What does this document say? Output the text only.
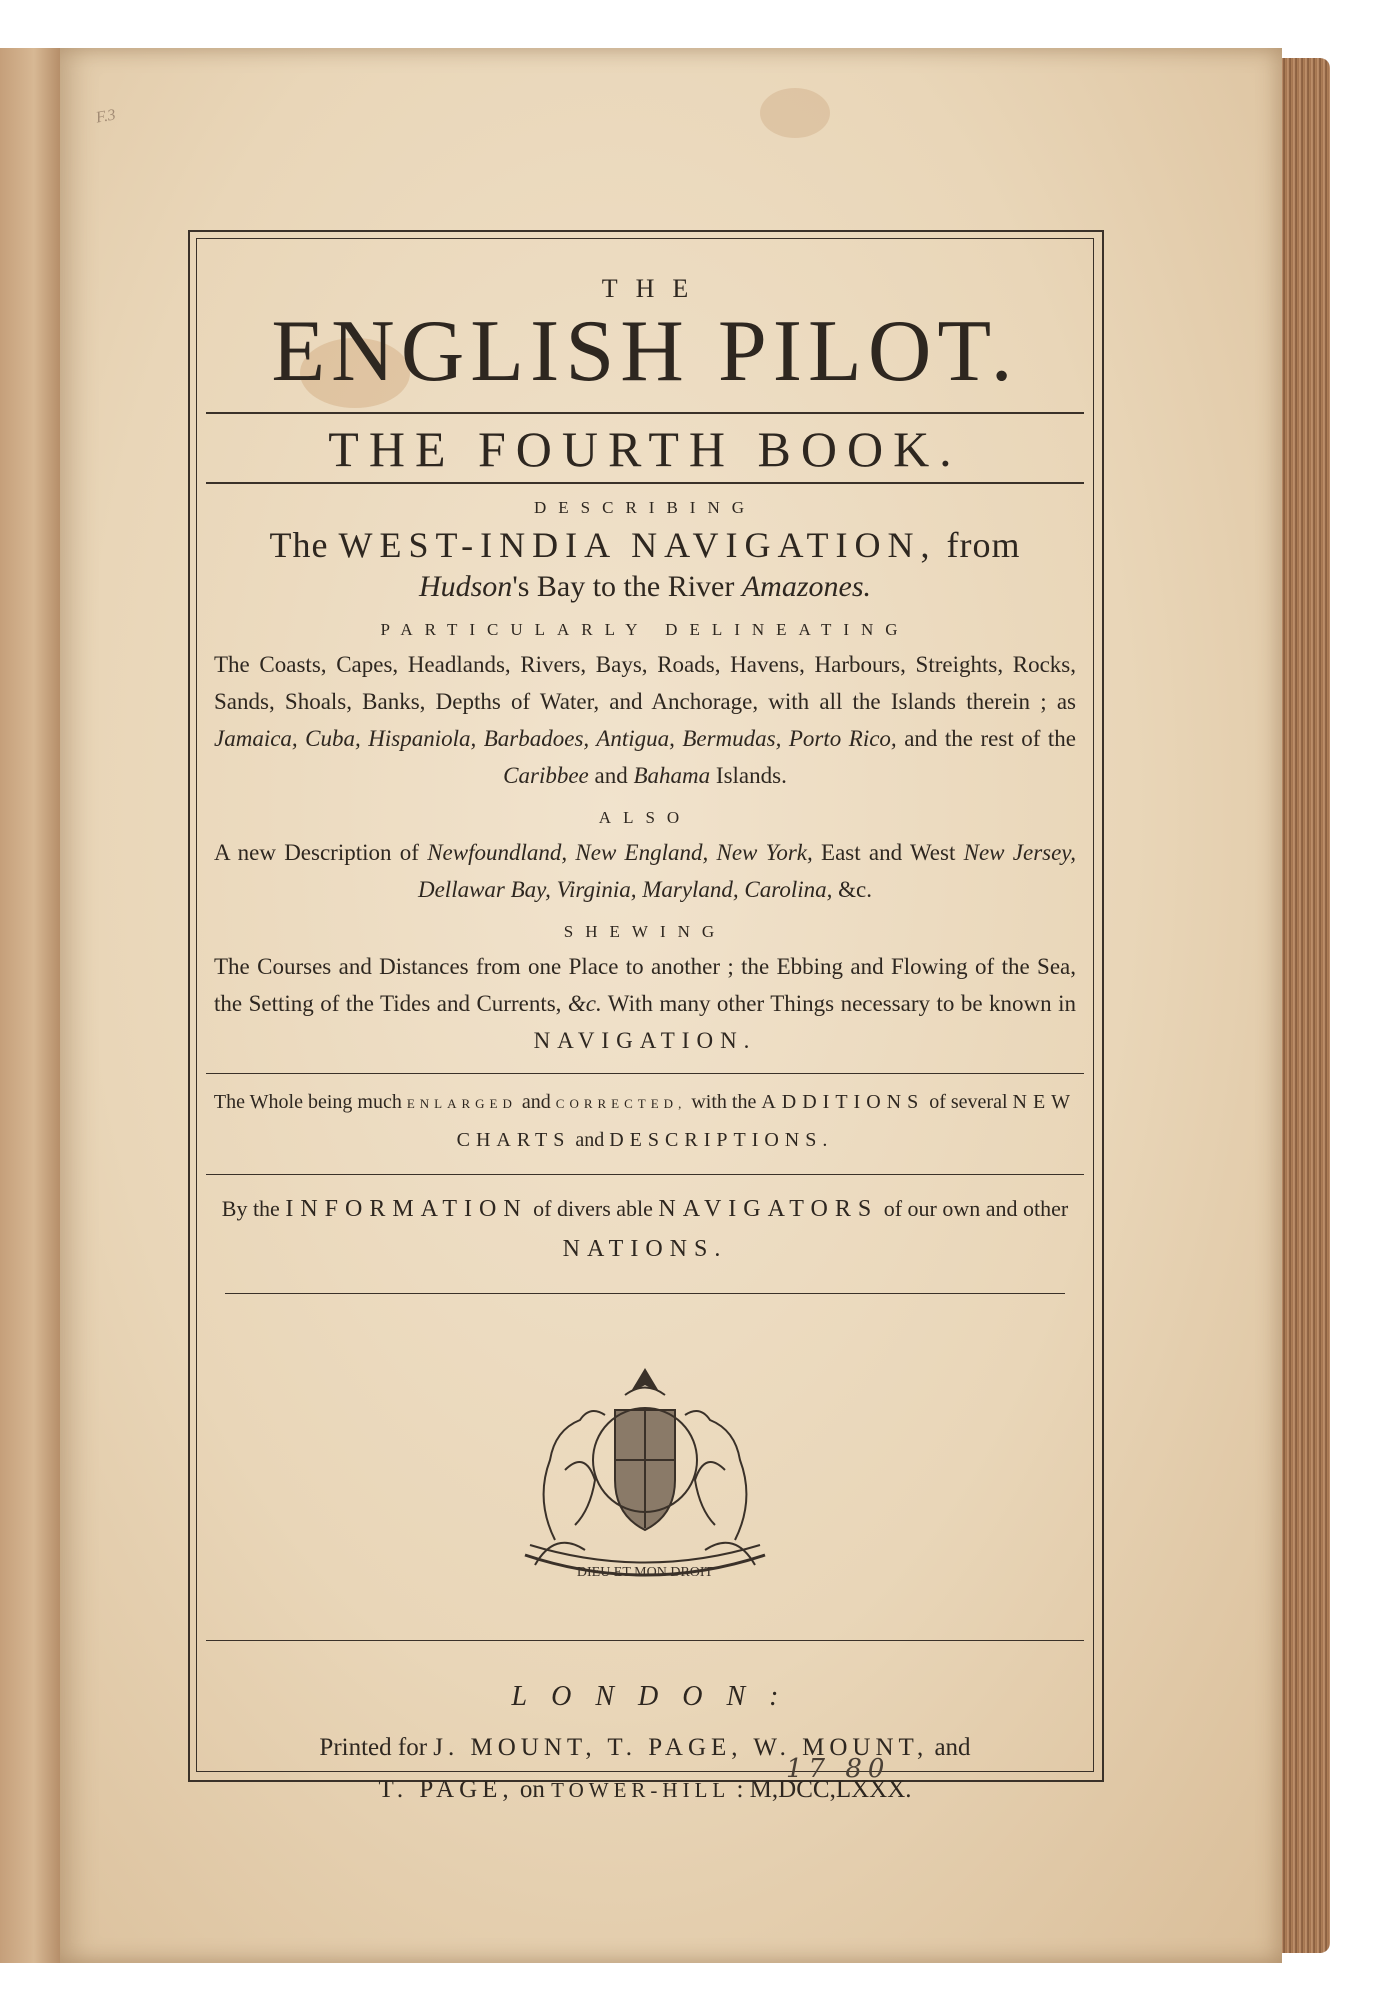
F.3
THE
ENGLISH PILOT.
THE FOURTH BOOK.
DESCRIBING
The WEST-INDIA NAVIGATION, from
Hudson's Bay to the River Amazones.
PARTICULARLY DELINEATING
The Coasts, Capes, Headlands, Rivers, Bays, Roads, Havens, Harbours, Streights, Rocks, Sands, Shoals, Banks, Depths of Water, and Anchorage, with all the Islands therein ; as Jamaica, Cuba, Hispaniola, Barbadoes, Antigua, Bermudas, Porto Rico, and the rest of the Caribbee and Bahama Islands.
ALSO
A new Description of Newfoundland, New England, New York, East and West New Jersey, Dellawar Bay, Virginia, Maryland, Carolina, &c.
SHEWING
The Courses and Distances from one Place to another ; the Ebbing and Flowing of the Sea, the Setting of the Tides and Currents, &c. With many other Things necessary to be known in NAVIGATION.
The Whole being much ENLARGED and CORRECTED, with the ADDITIONS of several NEW CHARTS and DESCRIPTIONS.
By the INFORMATION of divers able NAVIGATORS of our own and other NATIONS.
DIEU ET MON DROIT
LONDON:
Printed for J. MOUNT, T. PAGE, W. MOUNT, and
T. PAGE, on TOWER-HILL : M,DCC,LXXX.
17 80
